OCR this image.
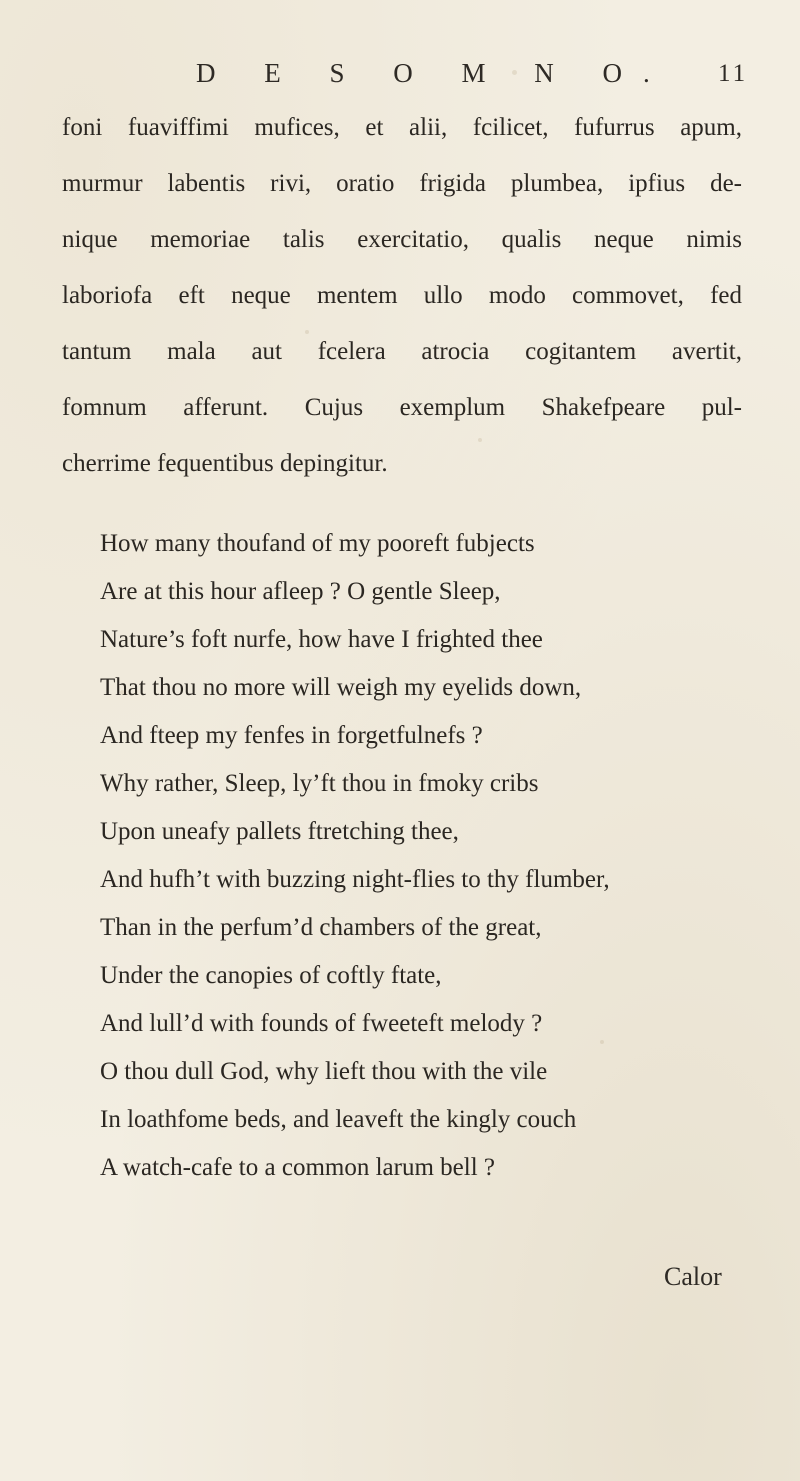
D E S O M N O. 11
foni fuaviffimi mufices, et alii, fcilicet, fufurrus apum,
murmur labentis rivi, oratio frigida plumbea, ipfius de-
nique memoriae talis exercitatio, qualis neque nimis
laboriofa eft neque mentem ullo modo commovet, fed
tantum mala aut fcelera atrocia cogitantem avertit,
fomnum afferunt. Cujus exemplum Shakefpeare pul-
cherrime fequentibus depingitur.
How many thoufand of my pooreft fubjects
Are at this hour afleep ? O gentle Sleep,
Nature’s foft nurfe, how have I frighted thee
That thou no more will weigh my eyelids down,
And fteep my fenfes in forgetfulnefs ?
Why rather, Sleep, ly’ft thou in fmoky cribs
Upon uneafy pallets ftretching thee,
And hufh’t with buzzing night-flies to thy flumber,
Than in the perfum’d chambers of the great,
Under the canopies of coftly ftate,
And lull’d with founds of fweeteft melody ?
O thou dull God, why lieft thou with the vile
In loathfome beds, and leaveft the kingly couch
A watch-cafe to a common larum bell ?
Calor
